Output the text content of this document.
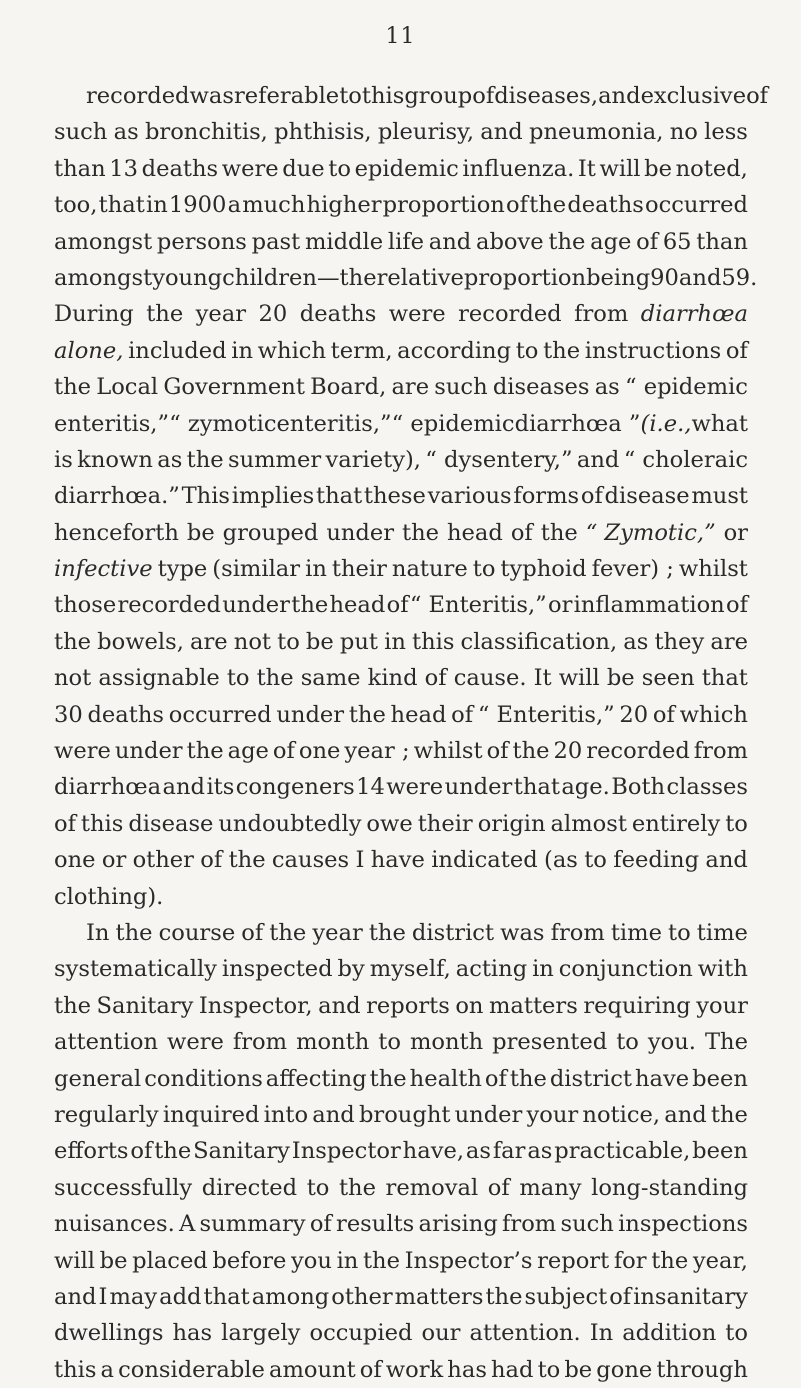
11
recorded was referable to this group of diseases, and exclusive of
such as bronchitis, phthisis, pleurisy, and pneumonia, no less
than 13 deaths were due to epidemic influenza. It will be noted,
too, that in 1900 a much higher proportion of the deaths occurred
amongst persons past middle life and above the age of 65 than
amongst young children—the relative proportion being 90 and 59.
During the year 20 deaths were recorded from diarrhœa
alone, included in which term, according to the instructions of
the Local Government Board, are such diseases as “ epidemic
enteritis,” “ zymotic enteritis,” “ epidemic diarrhœa ” (i.e., what
is known as the summer variety), “ dysentery,” and “ choleraic
diarrhœa.” This implies that these various forms of disease must
henceforth be grouped under the head of the “ Zymotic,” or
infective type (similar in their nature to typhoid fever) ; whilst
those recorded under the head of “ Enteritis,” or inflammation of
the bowels, are not to be put in this classification, as they are
not assignable to the same kind of cause. It will be seen that
30 deaths occurred under the head of “ Enteritis,” 20 of which
were under the age of one year ; whilst of the 20 recorded from
diarrhœa and its congeners 14 were under that age. Both classes
of this disease undoubtedly owe their origin almost entirely to
one or other of the causes I have indicated (as to feeding and
clothing).
In the course of the year the district was from time to time
systematically inspected by myself, acting in conjunction with
the Sanitary Inspector, and reports on matters requiring your
attention were from month to month presented to you. The
general conditions affecting the health of the district have been
regularly inquired into and brought under your notice, and the
efforts of the Sanitary Inspector have, as far as practicable, been
successfully directed to the removal of many long-standing
nuisances. A summary of results arising from such inspections
will be placed before you in the Inspector’s report for the year,
and I may add that among other matters the subject of insanitary
dwellings has largely occupied our attention. In addition to
this a considerable amount of work has had to be gone through
